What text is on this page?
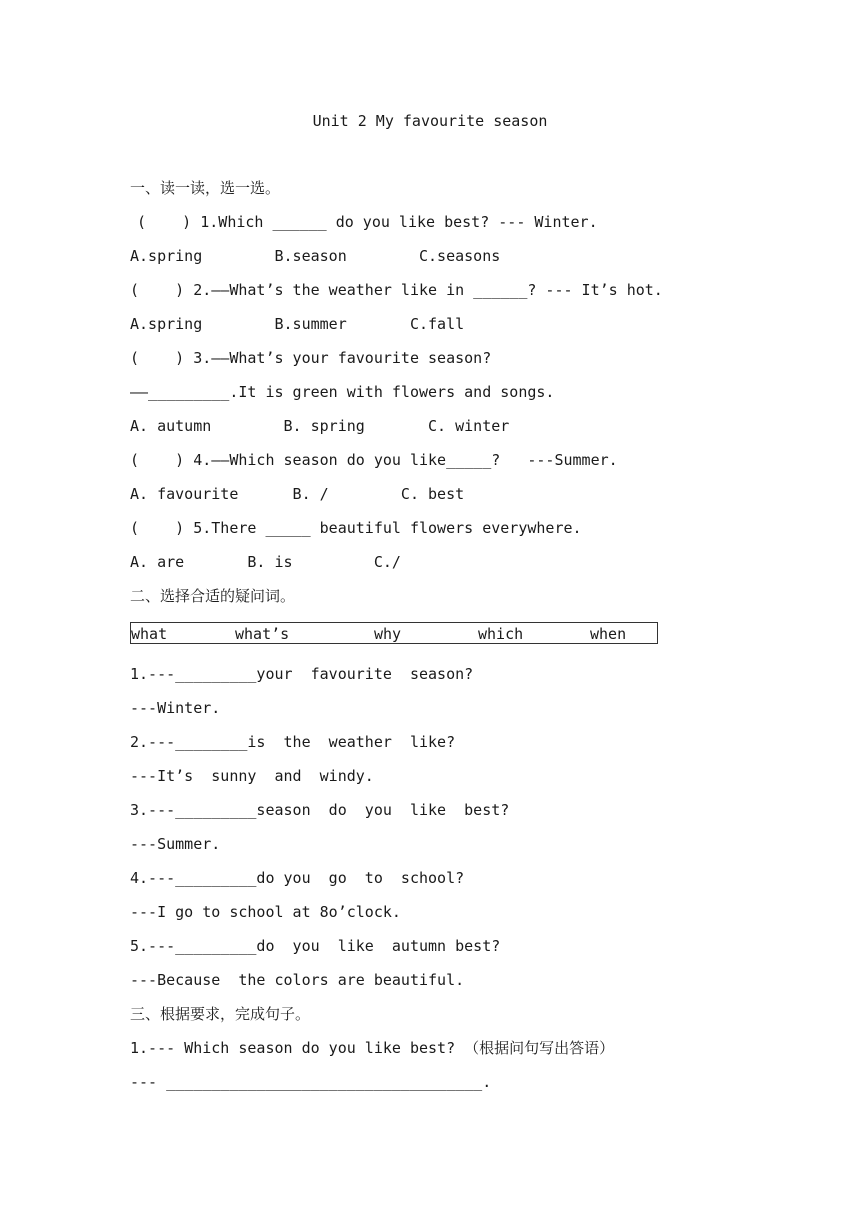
Unit 2 My favourite season
一、读一读，选一选。
(    ) 1.Which ______ do you like best? --- Winter.
A.spring        B.season        C.seasons
(    ) 2.——What’s the weather like in ______? --- It’s hot.
A.spring        B.summer       C.fall
(    ) 3.——What’s your favourite season?
——_________.It is green with flowers and songs.
A. autumn        B. spring       C. winter
(    ) 4.——Which season do you like_____?   ---Summer.
A. favourite      B. /        C. best
(    ) 5.There _____ beautiful flowers everywhere.
A. are       B. is         C./
二、选择合适的疑问词。
what	what’s	why	which	when
1.---_________your  favourite  season?
---Winter.
2.---________is  the  weather  like?
---It’s  sunny  and  windy.
3.---_________season  do  you  like  best?
---Summer.
4.---_________do you  go  to  school?
---I go to school at 8o’clock.
5.---_________do  you  like  autumn best?
---Because  the colors are beautiful.
三、根据要求，完成句子。
1.--- Which season do you like best? （根据问句写出答语）
--- ___________________________________.
